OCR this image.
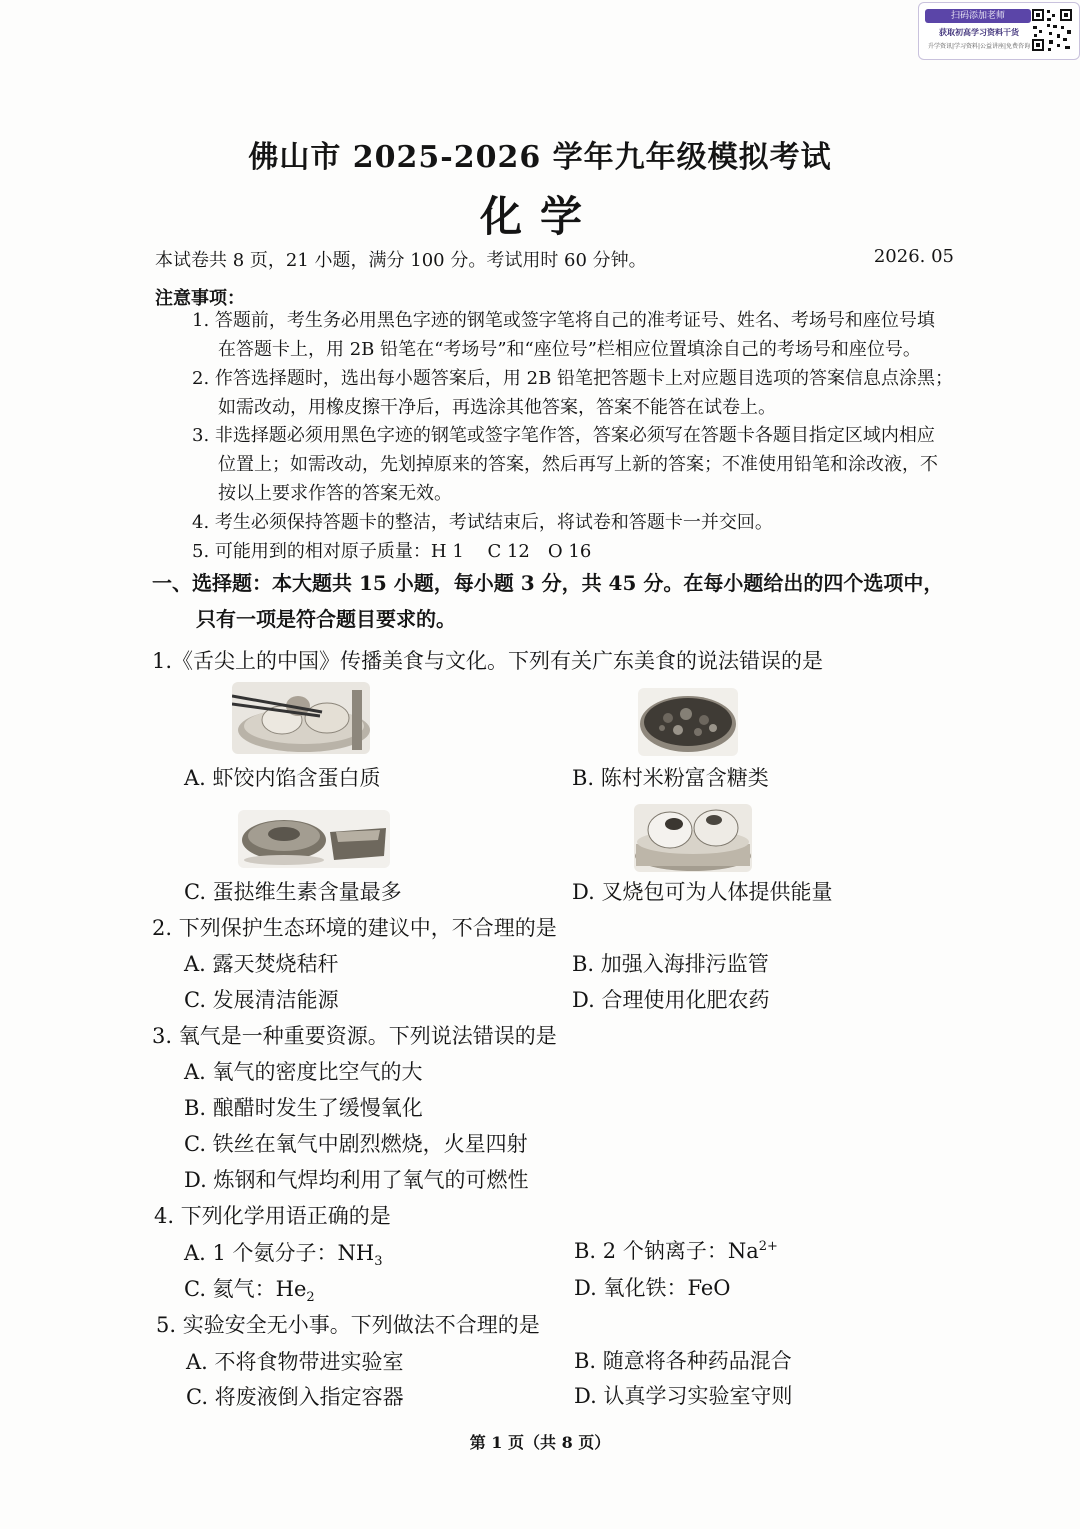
扫码添加老师
获取初高学习资料干货
升学资讯|学习资料|公益讲座|免费咨询
佛山市 2025-2026 学年九年级模拟考试
化学
本试卷共 8 页，21 小题，满分 100 分。考试用时 60 分钟。	2026. 05
注意事项：
1. 答题前，考生务必用黑色字迹的钢笔或签字笔将自己的准考证号、姓名、考场号和座位号填
在答题卡上，用 2B 铅笔在“考场号”和“座位号”栏相应位置填涂自己的考场号和座位号。
2. 作答选择题时，选出每小题答案后，用 2B 铅笔把答题卡上对应题目选项的答案信息点涂黑；
如需改动，用橡皮擦干净后，再选涂其他答案，答案不能答在试卷上。
3. 非选择题必须用黑色字迹的钢笔或签字笔作答，答案必须写在答题卡各题目指定区域内相应
位置上；如需改动，先划掉原来的答案，然后再写上新的答案；不准使用铅笔和涂改液，不
按以上要求作答的答案无效。
4. 考生必须保持答题卡的整洁，考试结束后，将试卷和答题卡一并交回。
5. 可能用到的相对原子质量：H 1　 C 12　O 16
一、选择题：本大题共 15 小题，每小题 3 分，共 45 分。在每小题给出的四个选项中，
只有一项是符合题目要求的。
1.《舌尖上的中国》传播美食与文化。下列有关广东美食的说法错误的是
A. 虾饺内馅含蛋白质	B. 陈村米粉富含糖类
C. 蛋挞维生素含量最多	D. 叉烧包可为人体提供能量
2. 下列保护生态环境的建议中，不合理的是
A. 露天焚烧秸秆	B. 加强入海排污监管
C. 发展清洁能源	D. 合理使用化肥农药
3. 氧气是一种重要资源。下列说法错误的是
A. 氧气的密度比空气的大
B. 酿醋时发生了缓慢氧化
C. 铁丝在氧气中剧烈燃烧，火星四射
D. 炼钢和气焊均利用了氧气的可燃性
4. 下列化学用语正确的是
A. 1 个氨分子：$NH_3$	B. 2 个钠离子：$Na^{2+}$
C. 氦气：$He_2$	D. 氧化铁：FeO
5. 实验安全无小事。下列做法不合理的是
A. 不将食物带进实验室	B. 随意将各种药品混合
C. 将废液倒入指定容器	D. 认真学习实验室守则
第 1 页（共 8 页）
